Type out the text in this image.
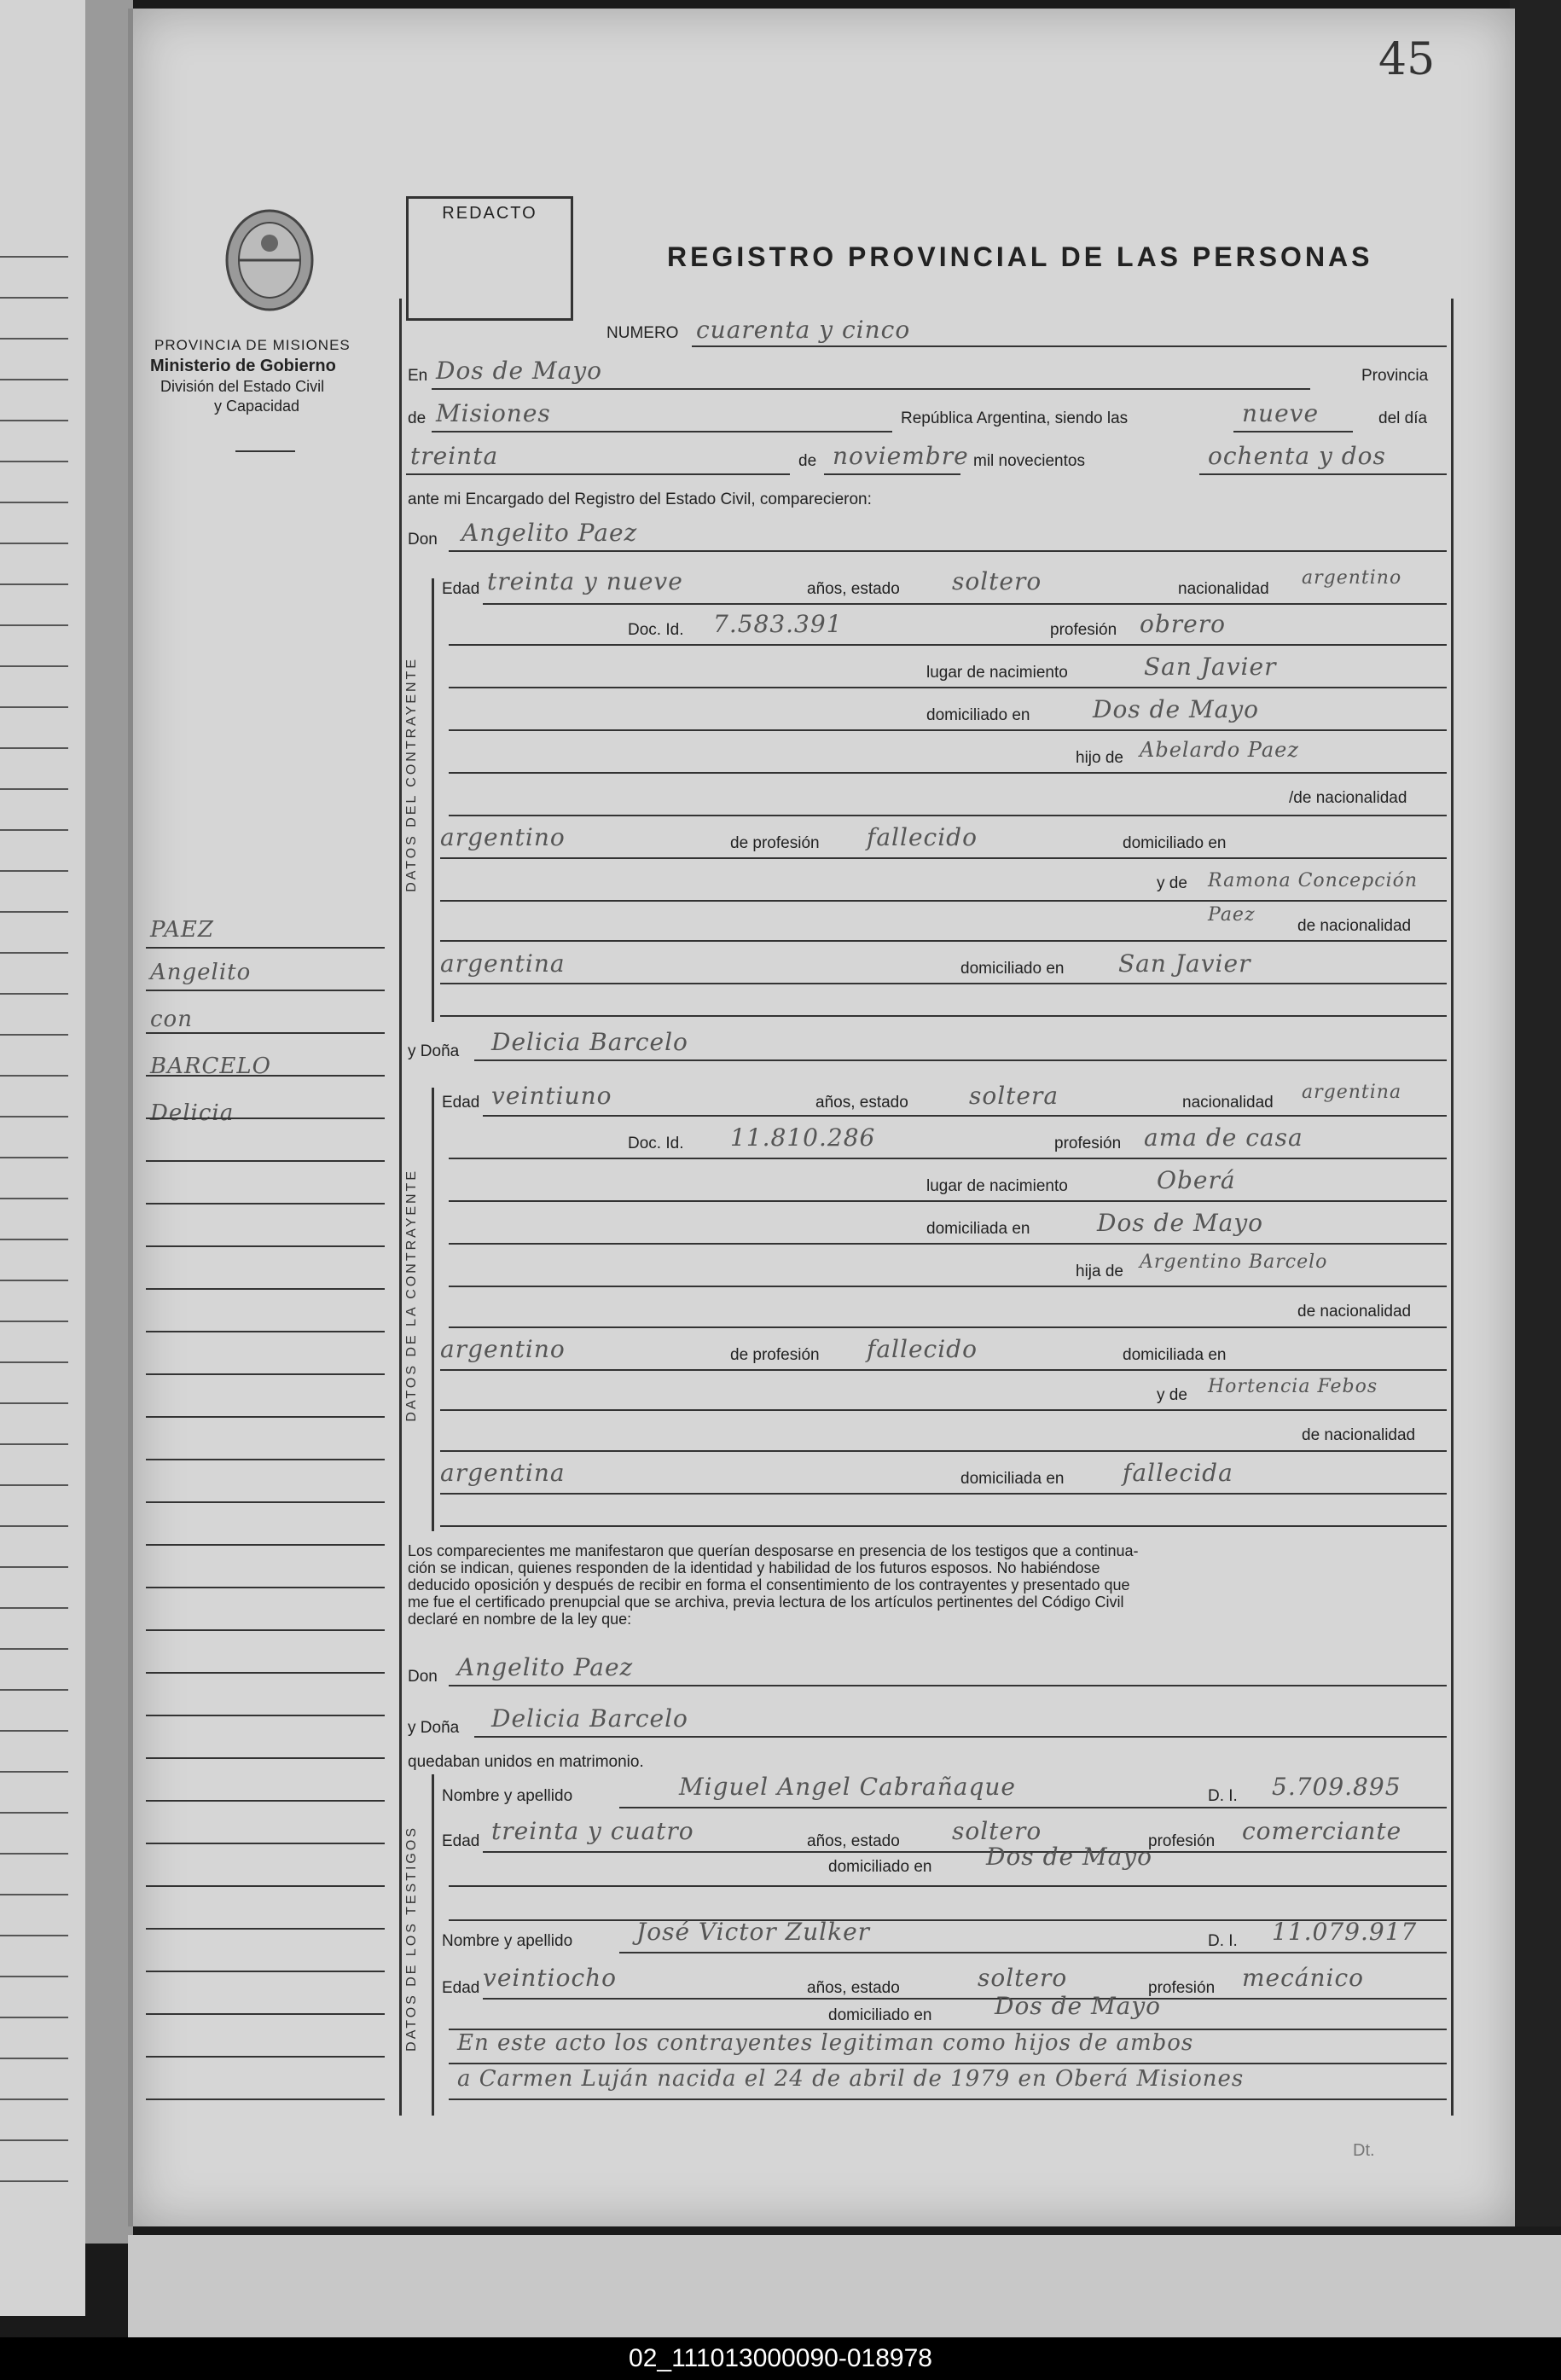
45
PROVINCIA DE MISIONES
Ministerio de Gobierno
División del Estado Civil
y Capacidad
REDACTO
REGISTRO PROVINCIAL DE LAS PERSONAS
NUMERO cuarenta y cinco
En Dos de Mayo	Provincia
de Misiones	República Argentina, siendo las	nueve	del día
treinta	de noviembre mil novecientos	ochenta y dos
ante mi Encargado del Registro del Estado Civil, comparecieron:
Don Angelito Paez
DATOS DEL CONTRAYENTE
Edad treinta y nueve	años, estado soltero	nacionalidad
argentino
Doc. Id. 7.583.391	profesión obrero
lugar de nacimiento	San Javier
domiciliado en	Dos de Mayo
hijo de Abelardo Paez
/de nacionalidad
argentino	de profesión fallecido	domiciliado en
y de Ramona Concepción Paez
de nacionalidad
argentina	domiciliado en San Javier
y Doña Delicia Barcelo
DATOS DE LA CONTRAYENTE
Edad veintiuno	años, estado	soltera	nacionalidad argentina
Doc. Id. 11.810.286	profesión ama de casa
lugar de nacimiento	Oberá
domiciliada en	Dos de Mayo
hija de Argentino Barcelo
de nacionalidad
argentino	de profesión fallecido	domiciliada en
y de Hortencia Febos
de nacionalidad
argentina	domiciliada en fallecida
Los comparecientes me manifestaron que querían desposarse en presencia de los testigos que a continua-
ción se indican, quienes responden de la identidad y habilidad de los futuros esposos. No habiéndose
deducido oposición y después de recibir en forma el consentimiento de los contrayentes y presentado que
me fue el certificado prenupcial que se archiva, previa lectura de los artículos pertinentes del Código Civil
declaré en nombre de la ley que:
Don Angelito Paez
y Doña Delicia Barcelo
quedaban unidos en matrimonio.
DATOS DE LOS TESTIGOS
Nombre y apellido	Miguel Angel Cabrañaque	D. I. 5.709.895
Edad treinta y cuatro	años, estado soltero	profesión comerciante
domiciliado en Dos de Mayo
Nombre y apellido	José Victor Zulker	D. I. 11.079.917
Edad veintiocho	años, estado	soltero	profesión mecánico
domiciliado en	Dos de Mayo
En este acto los contrayentes legitiman como hijos de ambos
a Carmen Luján nacida el 24 de abril de 1979 en Oberá Misiones
Dt.
PAEZ
Angelito
con
BARCELO
Delicia
02_111013000090-018978
